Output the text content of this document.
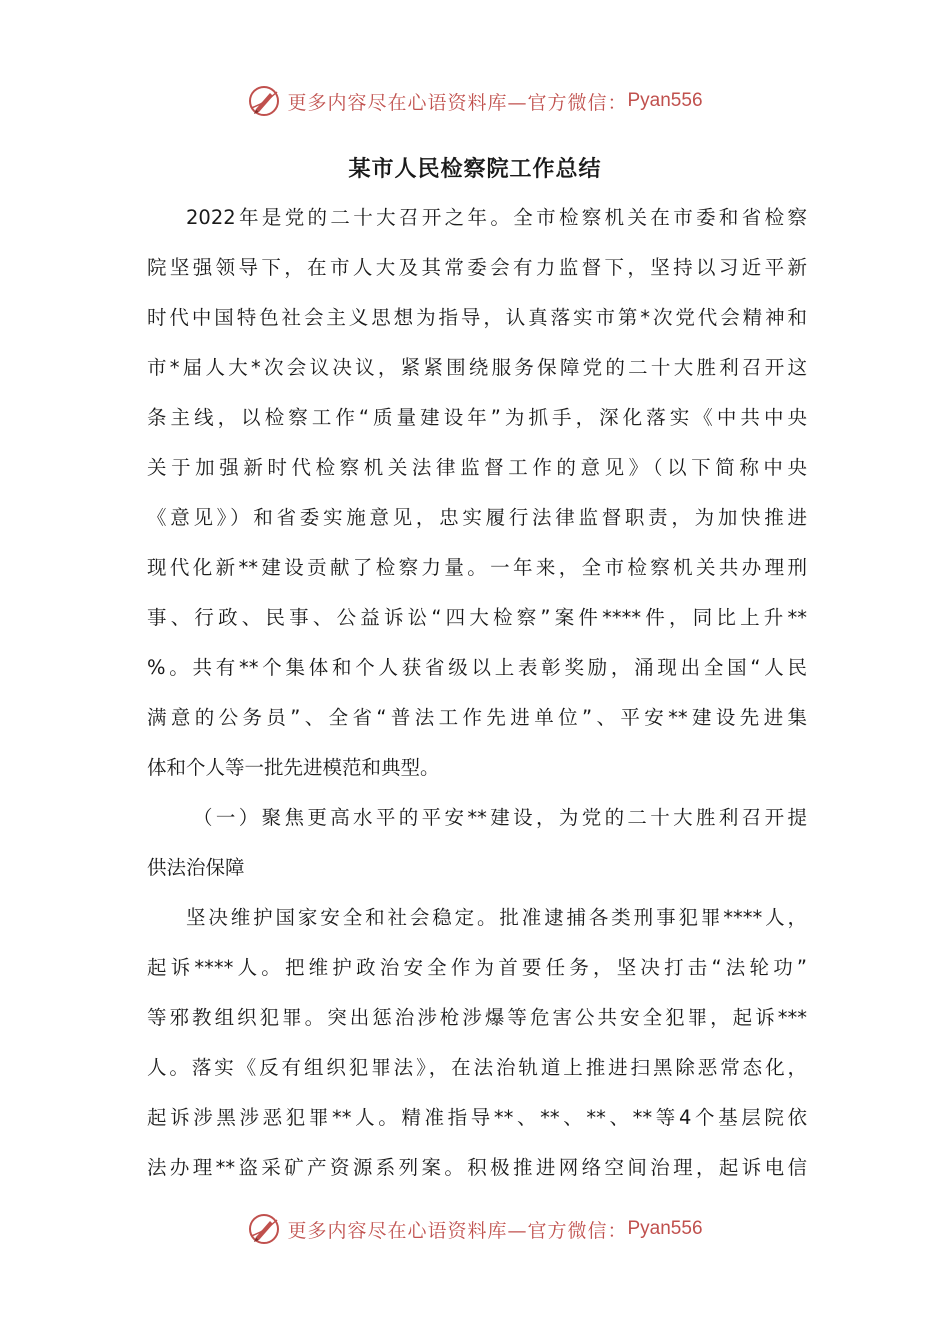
更多内容尽在心语资料库—官方微信： Pyan556
某市人民检察院工作总结
2022年是党的二十大召开之年。全市检察机关在市委和省检察
院坚强领导下，在市人大及其常委会有力监督下，坚持以习近平新
时代中国特色社会主义思想为指导，认真落实市第*次党代会精神和
市*届人大*次会议决议，紧紧围绕服务保障党的二十大胜利召开这
条主线，以检察工作“质量建设年”为抓手，深化落实《中共中央
关于加强新时代检察机关法律监督工作的意见》（以下简称中央
《意见》）和省委实施意见，忠实履行法律监督职责，为加快推进
现代化新**建设贡献了检察力量。一年来，全市检察机关共办理刑
事、行政、民事、公益诉讼“四大检察”案件****件，同比上升**
%。共有**个集体和个人获省级以上表彰奖励，涌现出全国“人民
满意的公务员”、全省“普法工作先进单位”、平安**建设先进集
体和个人等一批先进模范和典型。
（一）聚焦更高水平的平安**建设，为党的二十大胜利召开提
供法治保障
坚决维护国家安全和社会稳定。批准逮捕各类刑事犯罪****人，
起诉****人。把维护政治安全作为首要任务，坚决打击“法轮功”
等邪教组织犯罪。突出惩治涉枪涉爆等危害公共安全犯罪，起诉***
人。落实《反有组织犯罪法》，在法治轨道上推进扫黑除恶常态化，
起诉涉黑涉恶犯罪**人。精准指导**、**、**、**等4个基层院依
法办理**盗采矿产资源系列案。积极推进网络空间治理，起诉电信
更多内容尽在心语资料库—官方微信： Pyan556
